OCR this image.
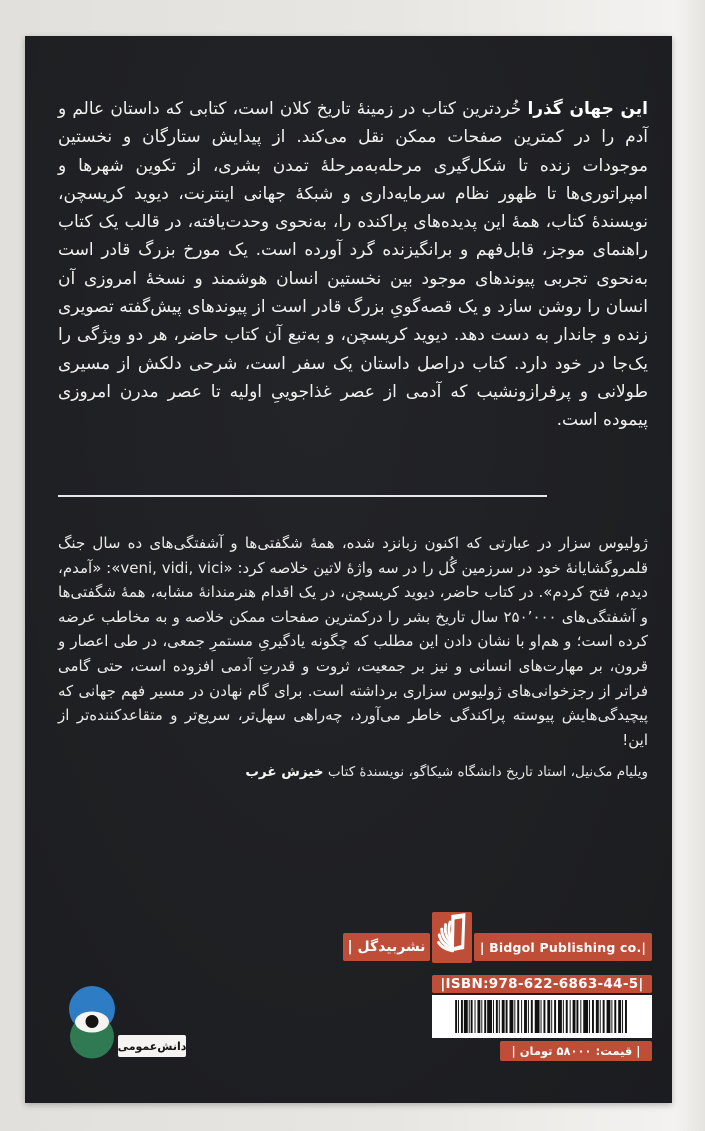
این جهان گذرا خُردترین کتاب در زمینهٔ تاریخ کلان است، کتابی که داستان عالم و آدم را در کمترین صفحات ممکن نقل می‌کند. از پیدایش ستارگان و نخستین موجودات زنده تا شکل‌گیری مرحله‌به‌مرحلهٔ تمدن بشری، از تکوین شهرها و امپراتوری‌ها تا ظهور نظام سرمایه‌داری و شبکهٔ جهانی اینترنت، دیوید کریسچن، نویسندهٔ کتاب، همهٔ این پدیده‌های پراکنده را، به‌نحوی وحدت‌یافته، در قالب یک کتاب راهنمای موجز، قابل‌فهم و برانگیزنده گرد آورده است. یک مورخ بزرگ قادر است به‌نحوی تجربی پیوندهای موجود بین نخستین انسان هوشمند و نسخهٔ امروزی آن انسان را روشن سازد و یک قصه‌گویِ بزرگ قادر است از پیوندهای پیش‌گفته تصویری زنده و جاندار به دست دهد. دیوید کریسچن، و به‌تبع آن کتاب حاضر، هر دو ویژگی را یک‌جا در خود دارد. کتاب دراصل داستان یک سفر است، شرحی دلکش از مسیری طولانی و پرفرازونشیب که آدمی از عصر غذاجوییِ اولیه تا عصر مدرن امروزی پیموده است.

ژولیوس سزار در عبارتی که اکنون زبانزد شده، همهٔ شگفتی‌ها و آشفتگی‌های ده سال جنگ قلمروگشایانهٔ خود در سرزمین گُل را در سه واژهٔ لاتین خلاصه کرد: «veni, vidi, vici»: «آمدم، دیدم، فتح کردم». در کتاب حاضر، دیوید کریسچن، در یک اقدام هنرمندانهٔ مشابه، همهٔ شگفتی‌ها و آشفتگی‌های ۲۵۰٬۰۰۰ سال تاریخ بشر را درکمترین صفحات ممکن خلاصه و به مخاطب عرضه کرده است؛ و هم‌او با نشان دادن این مطلب که چگونه یادگیریِ مستمرِ جمعی، در طی اعصار و قرون، بر مهارت‌های انسانی و نیز بر جمعیت، ثروت و قدرتِ آدمی افزوده است، حتی گامی فراتر از رجزخوانی‌های ژولیوس سزاری برداشته است. برای گام نهادن در مسیر فهم جهانی که پیچیدگی‌هایش پیوسته پراکندگی خاطر می‌آورد، چه‌راهی سهل‌تر، سریع‌تر و متقاعدکننده‌تر از این!

ویلیام مک‌نیل، استاد تاریخ دانشگاه شیکاگو، نویسندهٔ کتاب خیزش غرب

نشربیدگل |	| Bidgol Publishing co.|
|ISBN:978-622-6863-44-5|
| قیمت: ۵۸۰۰۰ تومان |
دانش‌عمومی
